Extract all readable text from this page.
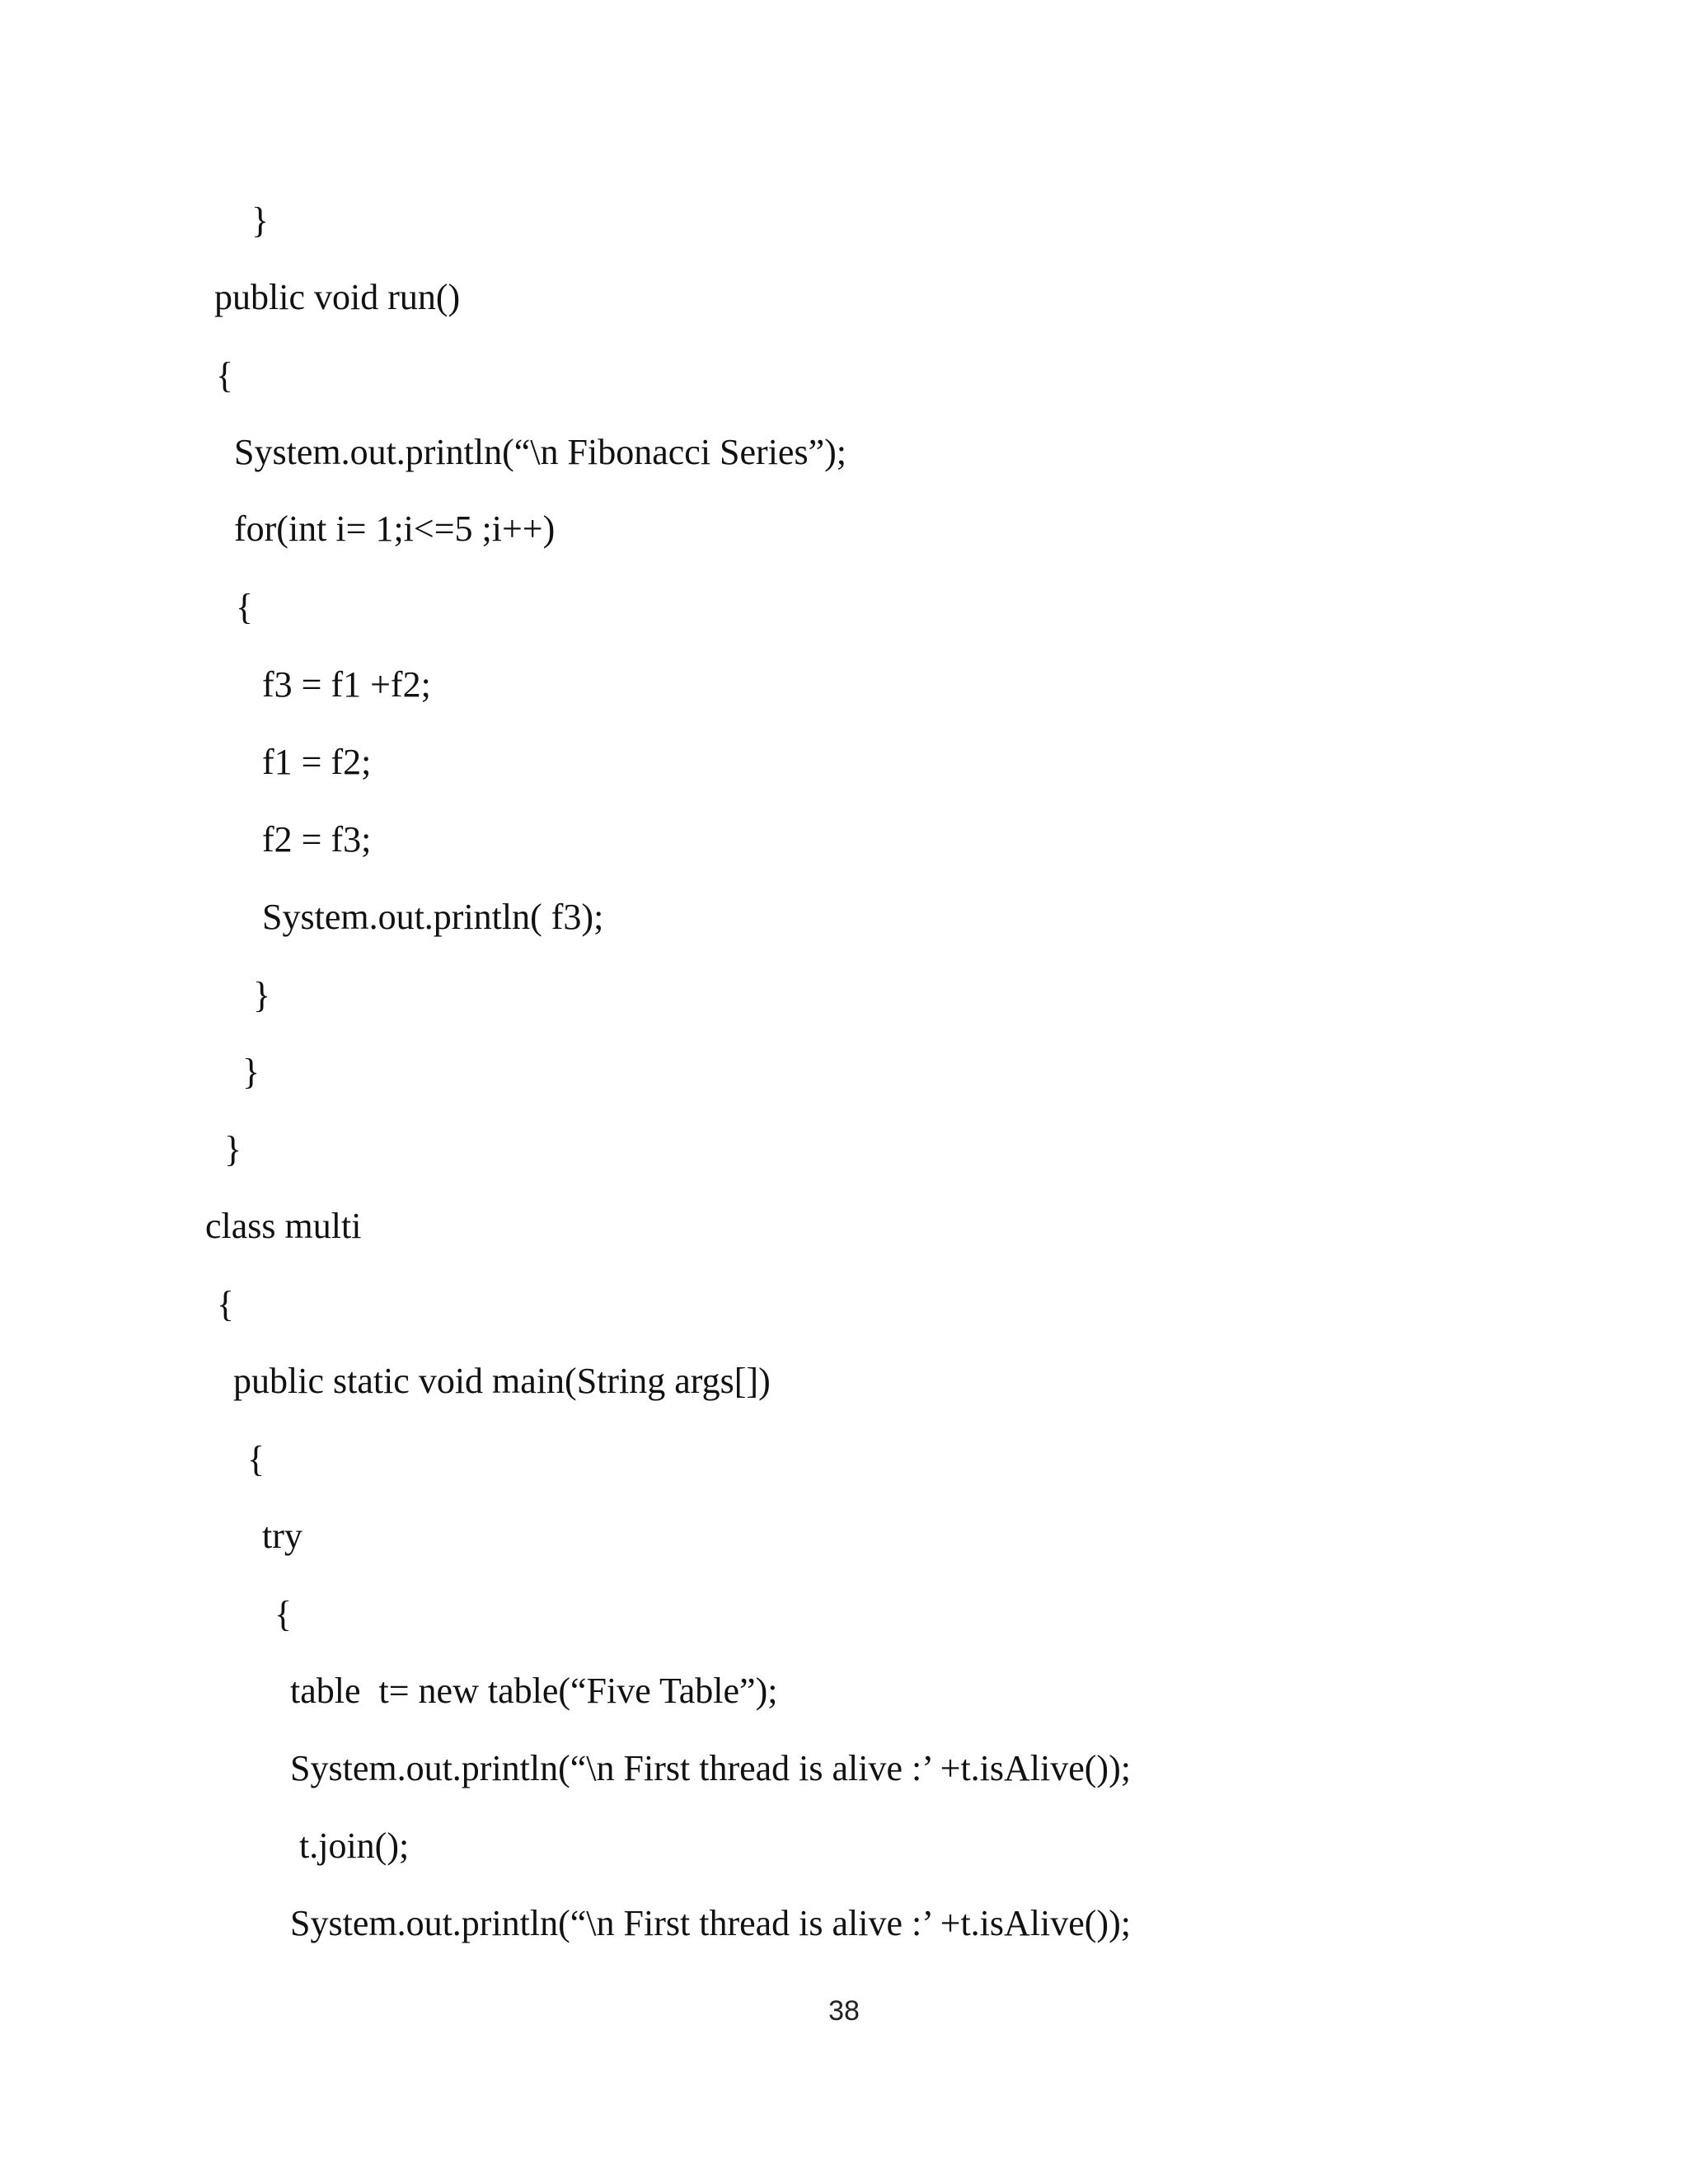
}
public void run()
{
System.out.println(“\n Fibonacci Series”);
for(int i= 1;i<=5 ;i++)
{
f3 = f1 +f2;
f1 = f2;
f2 = f3;
System.out.println( f3);
}
}
}
class multi
{
public static void main(String args[])
{
try
{
table  t= new table(“Five Table”);
System.out.println(“\n First thread is alive :’ +t.isAlive());
t.join();
System.out.println(“\n First thread is alive :’ +t.isAlive());
38
